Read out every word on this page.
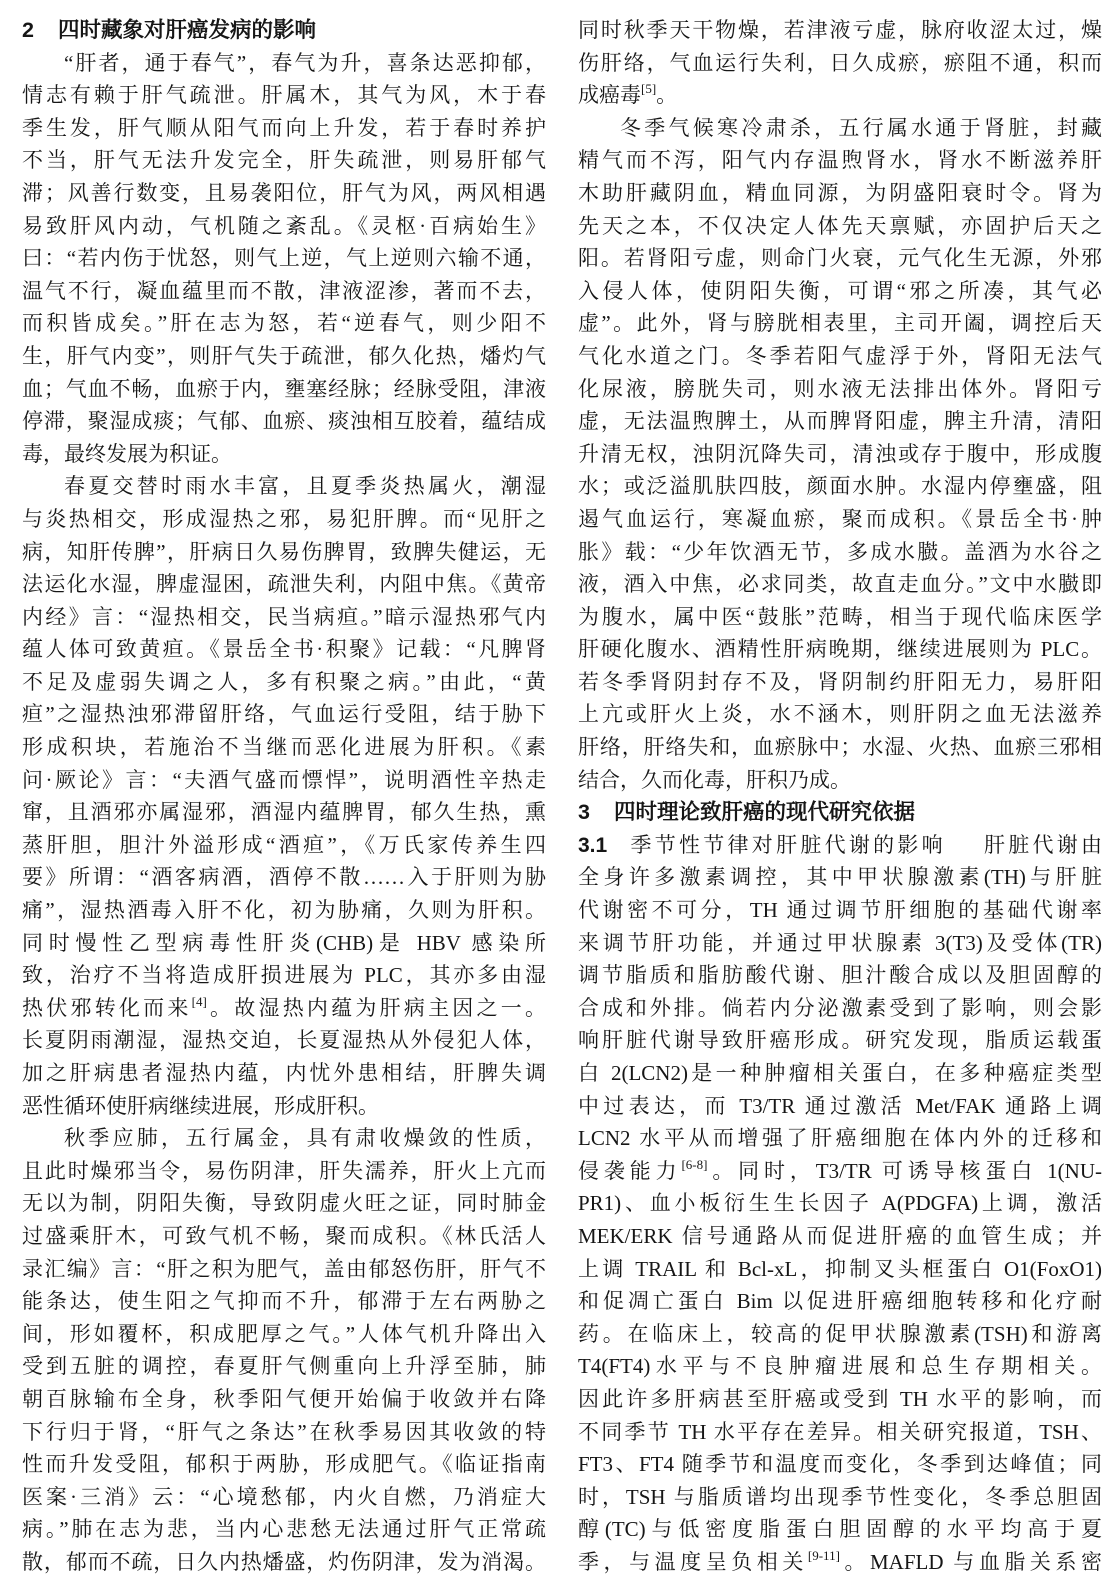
2 四时藏象对肝癌发病的影响
“肝者，通于春气”，春气为升，喜条达恶抑郁，
情志有赖于肝气疏泄。肝属木，其气为风，木于春
季生发，肝气顺从阳气而向上升发，若于春时养护
不当，肝气无法升发完全，肝失疏泄，则易肝郁气
滞；风善行数变，且易袭阳位，肝气为风，两风相遇
易致肝风内动，气机随之紊乱。《灵枢·百病始生》
曰：“若内伤于忧怒，则气上逆，气上逆则六输不通，
温气不行，凝血蕴里而不散，津液涩渗，著而不去，
而积皆成矣。”肝在志为怒，若“逆春气，则少阳不
生，肝气内变”，则肝气失于疏泄，郁久化热，燔灼气
血；气血不畅，血瘀于内，壅塞经脉；经脉受阻，津液
停滞，聚湿成痰；气郁、血瘀、痰浊相互胶着，蕴结成
毒，最终发展为积证。
春夏交替时雨水丰富，且夏季炎热属火，潮湿
与炎热相交，形成湿热之邪，易犯肝脾。而“见肝之
病，知肝传脾”，肝病日久易伤脾胃，致脾失健运，无
法运化水湿，脾虚湿困，疏泄失利，内阻中焦。《黄帝
内经》言：“湿热相交，民当病疸。”暗示湿热邪气内
蕴人体可致黄疸。《景岳全书·积聚》记载：“凡脾肾
不足及虚弱失调之人，多有积聚之病。”由此，“黄
疸”之湿热浊邪滞留肝络，气血运行受阻，结于胁下
形成积块，若施治不当继而恶化进展为肝积。《素
问·厥论》言：“夫酒气盛而慓悍”，说明酒性辛热走
窜，且酒邪亦属湿邪，酒湿内蕴脾胃，郁久生热，熏
蒸肝胆，胆汁外溢形成“酒疸”，《万氏家传养生四
要》所谓：“酒客病酒，酒停不散……入于肝则为胁
痛”，湿热酒毒入肝不化，初为胁痛，久则为肝积。
同时慢性乙型病毒性肝炎(CHB)是 HBV 感染所
致，治疗不当将造成肝损进展为 PLC，其亦多由湿
热伏邪转化而来[4]。故湿热内蕴为肝病主因之一。
长夏阴雨潮湿，湿热交迫，长夏湿热从外侵犯人体，
加之肝病患者湿热内蕴，内忧外患相结，肝脾失调
恶性循环使肝病继续进展，形成肝积。
秋季应肺，五行属金，具有肃收燥敛的性质，
且此时燥邪当令，易伤阴津，肝失濡养，肝火上亢而
无以为制，阴阳失衡，导致阴虚火旺之证，同时肺金
过盛乘肝木，可致气机不畅，聚而成积。《林氏活人
录汇编》言：“肝之积为肥气，盖由郁怒伤肝，肝气不
能条达，使生阳之气抑而不升，郁滞于左右两胁之
间，形如覆杯，积成肥厚之气。”人体气机升降出入
受到五脏的调控，春夏肝气侧重向上升浮至肺，肺
朝百脉输布全身，秋季阳气便开始偏于收敛并右降
下行归于肾，“肝气之条达”在秋季易因其收敛的特
性而升发受阻，郁积于两胁，形成肥气。《临证指南
医案·三消》云：“心境愁郁，内火自燃，乃消症大
病。”肺在志为悲，当内心悲愁无法通过肝气正常疏
散，郁而不疏，日久内热燔盛，灼伤阴津，发为消渴。
同时秋季天干物燥，若津液亏虚，脉府收涩太过，燥
伤肝络，气血运行失利，日久成瘀，瘀阻不通，积而
成癌毒[5]。
冬季气候寒冷肃杀，五行属水通于肾脏，封藏
精气而不泻，阳气内存温煦肾水，肾水不断滋养肝
木助肝藏阴血，精血同源，为阴盛阳衰时令。肾为
先天之本，不仅决定人体先天禀赋，亦固护后天之
阳。若肾阳亏虚，则命门火衰，元气化生无源，外邪
入侵人体，使阴阳失衡，可谓“邪之所凑，其气必
虚”。此外，肾与膀胱相表里，主司开阖，调控后天
气化水道之门。冬季若阳气虚浮于外，肾阳无法气
化尿液，膀胱失司，则水液无法排出体外。肾阳亏
虚，无法温煦脾土，从而脾肾阳虚，脾主升清，清阳
升清无权，浊阴沉降失司，清浊或存于腹中，形成腹
水；或泛溢肌肤四肢，颜面水肿。水湿内停壅盛，阻
遏气血运行，寒凝血瘀，聚而成积。《景岳全书·肿
胀》载：“少年饮酒无节，多成水臌。盖酒为水谷之
液，酒入中焦，必求同类，故直走血分。”文中水臌即
为腹水，属中医“鼓胀”范畴，相当于现代临床医学
肝硬化腹水、酒精性肝病晚期，继续进展则为 PLC。
若冬季肾阴封存不及，肾阴制约肝阳无力，易肝阳
上亢或肝火上炎，水不涵木，则肝阴之血无法滋养
肝络，肝络失和，血瘀脉中；水湿、火热、血瘀三邪相
结合，久而化毒，肝积乃成。
3 四时理论致肝癌的现代研究依据
3.1 季节性节律对肝脏代谢的影响 肝脏代谢由
全身许多激素调控，其中甲状腺激素(TH)与肝脏
代谢密不可分，TH 通过调节肝细胞的基础代谢率
来调节肝功能，并通过甲状腺素 3(T3)及受体(TR)
调节脂质和脂肪酸代谢、胆汁酸合成以及胆固醇的
合成和外排。倘若内分泌激素受到了影响，则会影
响肝脏代谢导致肝癌形成。研究发现，脂质运载蛋
白 2(LCN2)是一种肿瘤相关蛋白，在多种癌症类型
中过表达，而 T3/TR 通过激活 Met/FAK 通路上调
LCN2 水平从而增强了肝癌细胞在体内外的迁移和
侵袭能力[6-8]。同时，T3/TR 可诱导核蛋白 1(NU-
PR1)、血小板衍生生长因子 A(PDGFA)上调，激活
MEK/ERK 信号通路从而促进肝癌的血管生成；并
上调 TRAIL 和 Bcl-xL，抑制叉头框蛋白 O1(FoxO1)
和促凋亡蛋白 Bim 以促进肝癌细胞转移和化疗耐
药。在临床上，较高的促甲状腺激素(TSH)和游离
T4(FT4)水平与不良肿瘤进展和总生存期相关。
因此许多肝病甚至肝癌或受到 TH 水平的影响，而
不同季节 TH 水平存在差异。相关研究报道，TSH、
FT3、FT4 随季节和温度而变化，冬季到达峰值；同
时，TSH 与脂质谱均出现季节性变化，冬季总胆固
醇(TC)与低密度脂蛋白胆固醇的水平均高于夏
季，与温度呈负相关[9-11]。MAFLD 与血脂关系密
